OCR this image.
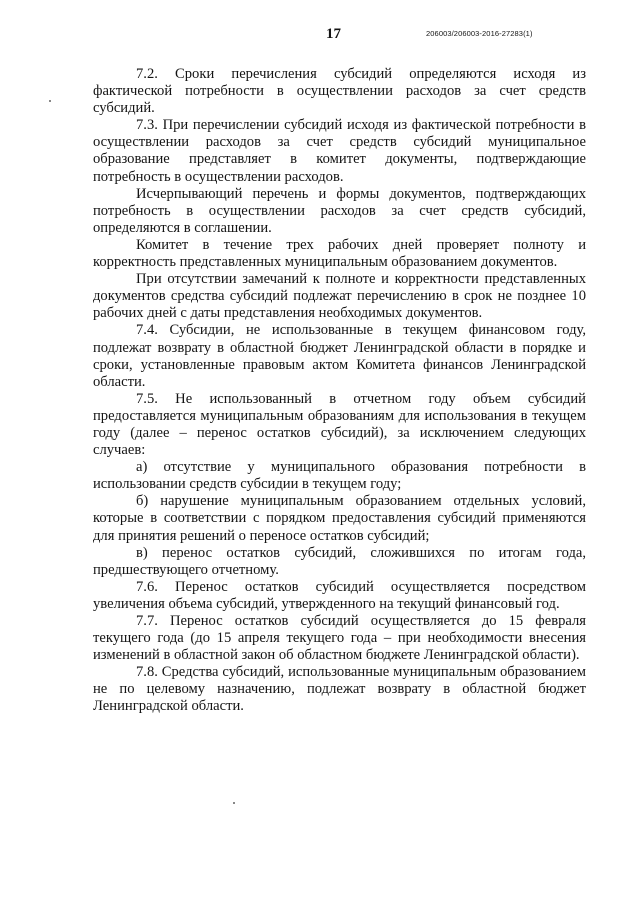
17	206003/206003-2016-27283(1)

7.2. Сроки перечисления субсидий определяются исходя из фактической потребности в осуществлении расходов за счет средств субсидий.

7.3. При перечислении субсидий исходя из фактической потребности в осуществлении расходов за счет средств субсидий муниципальное образование представляет в комитет документы, подтверждающие потребность в осуществлении расходов.

Исчерпывающий перечень и формы документов, подтверждающих потребность в осуществлении расходов за счет средств субсидий, определяются в соглашении.

Комитет в течение трех рабочих дней проверяет полноту и корректность представленных муниципальным образованием документов.

При отсутствии замечаний к полноте и корректности представленных документов средства субсидий подлежат перечислению в срок не позднее 10 рабочих дней с даты представления необходимых документов.

7.4. Субсидии, не использованные в текущем финансовом году, подлежат возврату в областной бюджет Ленинградской области в порядке и сроки, установленные правовым актом Комитета финансов Ленинградской области.

7.5. Не использованный в отчетном году объем субсидий предоставляется муниципальным образованиям для использования в текущем году (далее – перенос остатков субсидий), за исключением следующих случаев:

а) отсутствие у муниципального образования потребности в использовании средств субсидии в текущем году;

б) нарушение муниципальным образованием отдельных условий, которые в соответствии с порядком предоставления субсидий применяются для принятия решений о переносе остатков субсидий;

в) перенос остатков субсидий, сложившихся по итогам года, предшествующего отчетному.

7.6. Перенос остатков субсидий осуществляется посредством увеличения объема субсидий, утвержденного на текущий финансовый год.

7.7. Перенос остатков субсидий осуществляется до 15 февраля текущего года (до 15 апреля текущего года – при необходимости внесения изменений в областной закон об областном бюджете Ленинградской области).

7.8. Средства субсидий, использованные муниципальным образованием не по целевому назначению, подлежат возврату в областной бюджет Ленинградской области.
